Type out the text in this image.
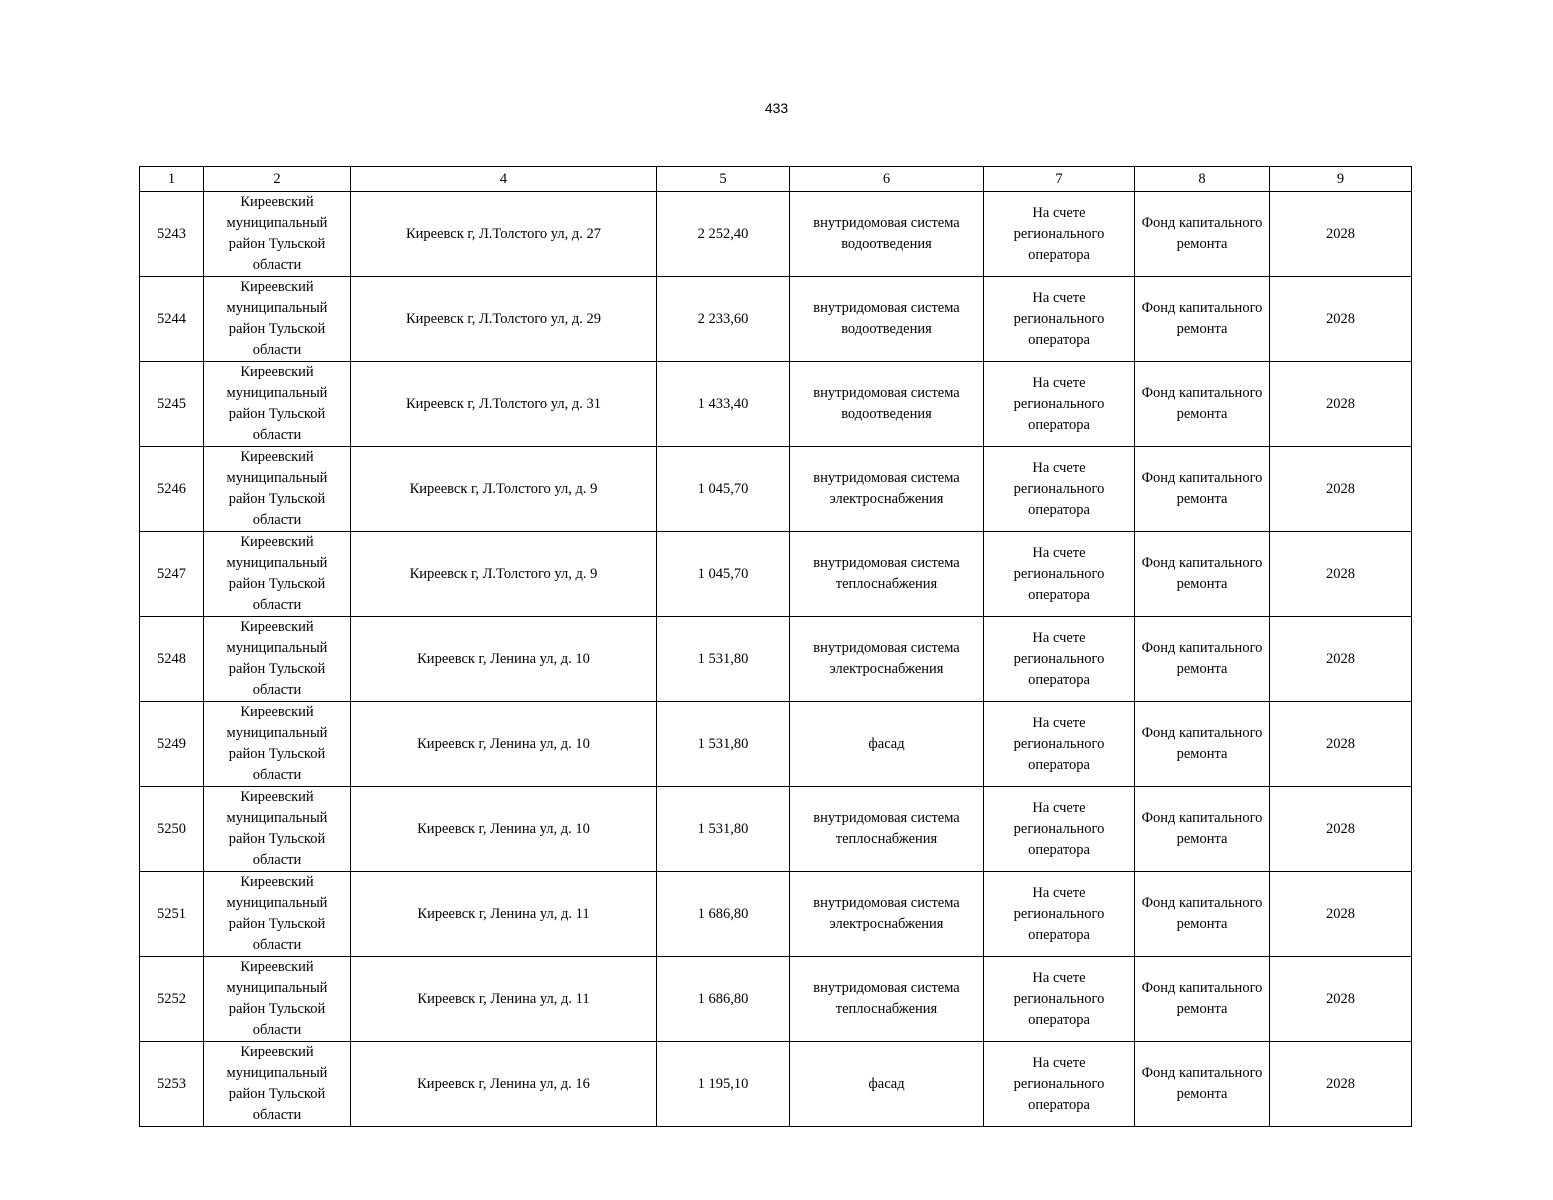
433
1	2	4	5	6	7	8	9
5243	Киреевский муниципальный район Тульской области	Киреевск г, Л.Толстого ул, д. 27	2 252,40	внутридомовая система водоотведения	На счете регионального оператора	Фонд капитального ремонта	2028
5244	Киреевский муниципальный район Тульской области	Киреевск г, Л.Толстого ул, д. 29	2 233,60	внутридомовая система водоотведения	На счете регионального оператора	Фонд капитального ремонта	2028
5245	Киреевский муниципальный район Тульской области	Киреевск г, Л.Толстого ул, д. 31	1 433,40	внутридомовая система водоотведения	На счете регионального оператора	Фонд капитального ремонта	2028
5246	Киреевский муниципальный район Тульской области	Киреевск г, Л.Толстого ул, д. 9	1 045,70	внутридомовая система электроснабжения	На счете регионального оператора	Фонд капитального ремонта	2028
5247	Киреевский муниципальный район Тульской области	Киреевск г, Л.Толстого ул, д. 9	1 045,70	внутридомовая система теплоснабжения	На счете регионального оператора	Фонд капитального ремонта	2028
5248	Киреевский муниципальный район Тульской области	Киреевск г, Ленина ул, д. 10	1 531,80	внутридомовая система электроснабжения	На счете регионального оператора	Фонд капитального ремонта	2028
5249	Киреевский муниципальный район Тульской области	Киреевск г, Ленина ул, д. 10	1 531,80	фасад	На счете регионального оператора	Фонд капитального ремонта	2028
5250	Киреевский муниципальный район Тульской области	Киреевск г, Ленина ул, д. 10	1 531,80	внутридомовая система теплоснабжения	На счете регионального оператора	Фонд капитального ремонта	2028
5251	Киреевский муниципальный район Тульской области	Киреевск г, Ленина ул, д. 11	1 686,80	внутридомовая система электроснабжения	На счете регионального оператора	Фонд капитального ремонта	2028
5252	Киреевский муниципальный район Тульской области	Киреевск г, Ленина ул, д. 11	1 686,80	внутридомовая система теплоснабжения	На счете регионального оператора	Фонд капитального ремонта	2028
5253	Киреевский муниципальный район Тульской области	Киреевск г, Ленина ул, д. 16	1 195,10	фасад	На счете регионального оператора	Фонд капитального ремонта	2028
